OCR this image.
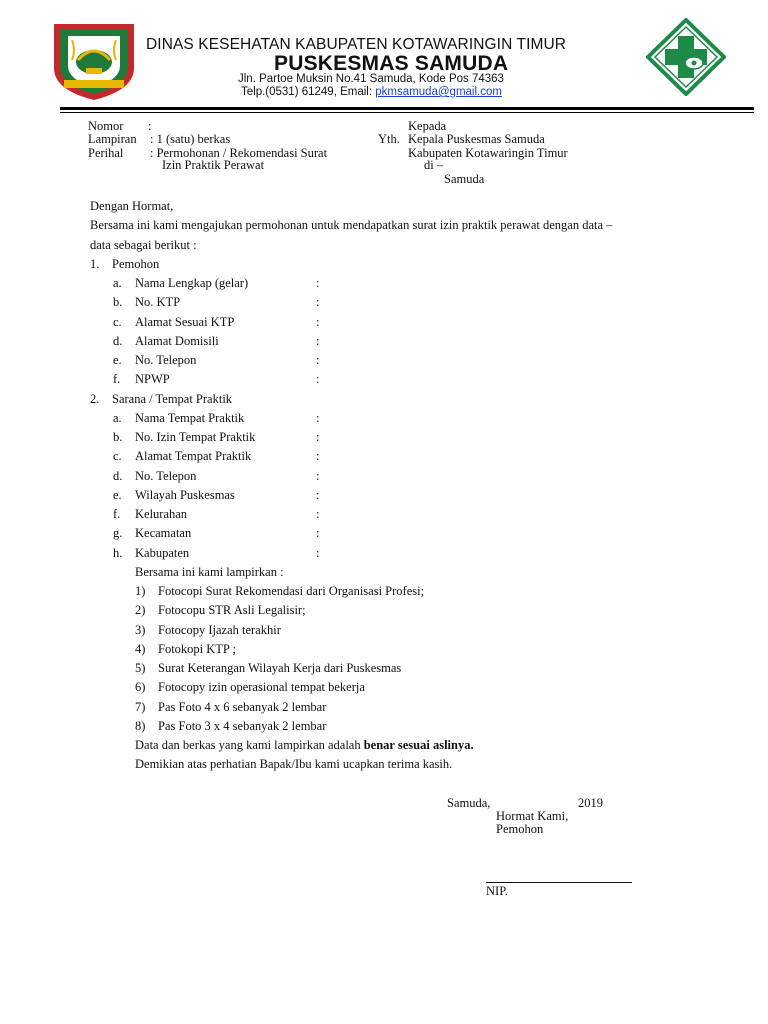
DINAS KESEHATAN KABUPATEN KOTAWARINGIN TIMUR
PUSKESMAS SAMUDA
Jln. Partoe Muksin No.41 Samuda, Kode Pos 74363
Telp.(0531) 61249, Email: pkmsamuda@gmail.com
Nomor :
Lampiran : 1 (satu) berkas
Perihal : Permohonan / Rekomendasi Surat
Izin Praktik Perawat
Kepada
Yth. Kepala Puskesmas Samuda
Kabupaten Kotawaringin Timur
di –
Samuda
Dengan Hormat,
Bersama ini kami mengajukan permohonan untuk mendapatkan surat izin praktik perawat dengan data –
data sebagai berikut :
1. Pemohon
a. Nama Lengkap (gelar)	:
b. No. KTP	:
c. Alamat Sesuai KTP	:
d. Alamat Domisili	:
e. No. Telepon	:
f. NPWP	:
2. Sarana / Tempat Praktik
a. Nama Tempat Praktik	:
b. No. Izin Tempat Praktik	:
c. Alamat Tempat Praktik	:
d. No. Telepon	:
e. Wilayah Puskesmas	:
f. Kelurahan	:
g. Kecamatan	:
h. Kabupaten	:
Bersama ini kami lampirkan :
1) Fotocopi Surat Rekomendasi dari Organisasi Profesi;
2) Fotocopu STR Asli Legalisir;
3) Fotocopy Ijazah terakhir
4) Fotokopi KTP ;
5) Surat Keterangan Wilayah Kerja dari Puskesmas
6) Fotocopy izin operasional tempat bekerja
7) Pas Foto 4 x 6 sebanyak 2 lembar
8) Pas Foto 3 x 4 sebanyak 2 lembar
Data dan berkas yang kami lampirkan adalah benar sesuai aslinya.
Demikian atas perhatian Bapak/Ibu kami ucapkan terima kasih.
Samuda,	2019
Hormat Kami,
Pemohon
NIP.
